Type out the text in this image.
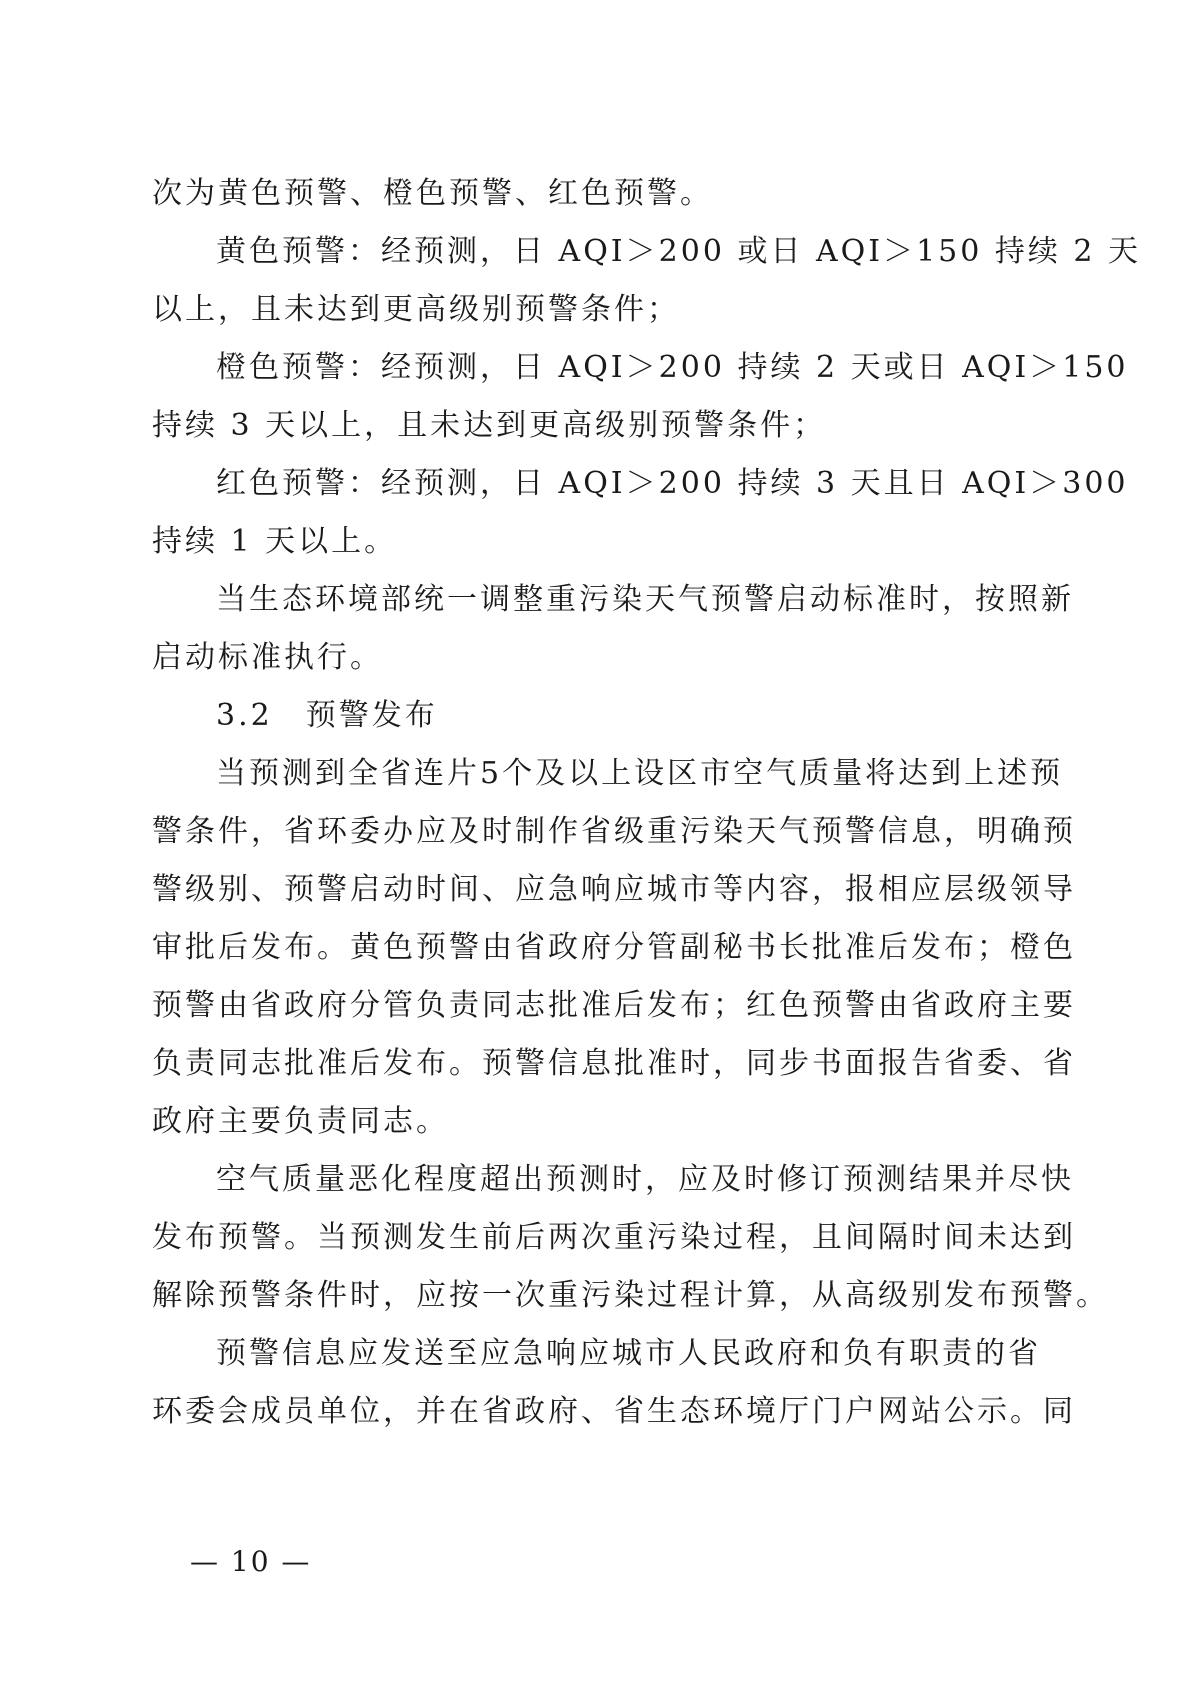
次为黄色预警、橙色预警、红色预警。
黄色预警：经预测，日 AQI＞200 或日 AQI＞150 持续 2 天
以上，且未达到更高级别预警条件；
橙色预警：经预测，日 AQI＞200 持续 2 天或日 AQI＞150
持续 3 天以上，且未达到更高级别预警条件；
红色预警：经预测，日 AQI＞200 持续 3 天且日 AQI＞300
持续 1 天以上。
当生态环境部统一调整重污染天气预警启动标准时，按照新
启动标准执行。
3.2　预警发布
当预测到全省连片5个及以上设区市空气质量将达到上述预
警条件，省环委办应及时制作省级重污染天气预警信息，明确预
警级别、预警启动时间、应急响应城市等内容，报相应层级领导
审批后发布。黄色预警由省政府分管副秘书长批准后发布；橙色
预警由省政府分管负责同志批准后发布；红色预警由省政府主要
负责同志批准后发布。预警信息批准时，同步书面报告省委、省
政府主要负责同志。
空气质量恶化程度超出预测时，应及时修订预测结果并尽快
发布预警。当预测发生前后两次重污染过程，且间隔时间未达到
解除预警条件时，应按一次重污染过程计算，从高级别发布预警。
预警信息应发送至应急响应城市人民政府和负有职责的省
环委会成员单位，并在省政府、省生态环境厅门户网站公示。同
— 10 —
